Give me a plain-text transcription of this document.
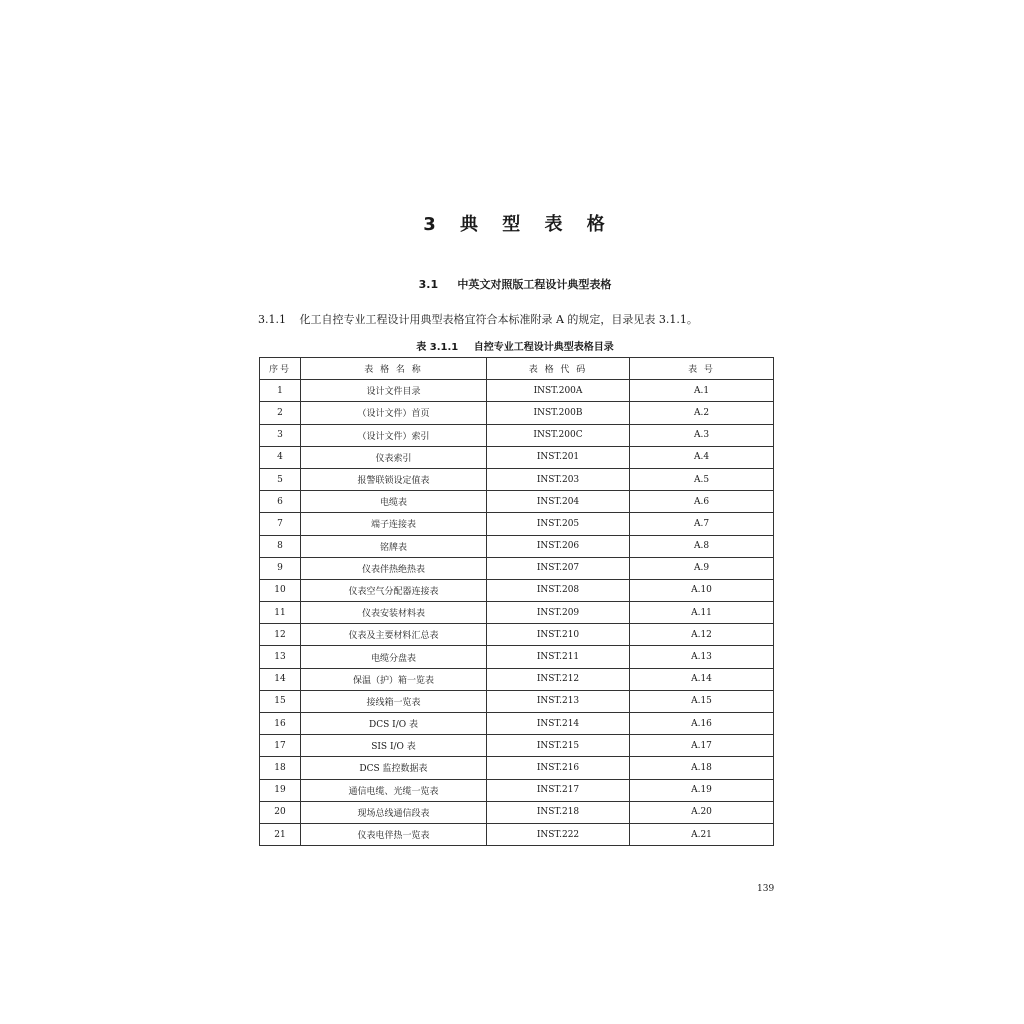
3 典 型 表 格
3.1 中英文对照版工程设计典型表格
3.1.1 化工自控专业工程设计用典型表格宜符合本标准附录 A 的规定，目录见表 3.1.1。
表 3.1.1 自控专业工程设计典型表格目录
序号	表 格 名 称	表 格 代 码	表 号
1	设计文件目录	INST.200A	A.1
2	（设计文件）首页	INST.200B	A.2
3	（设计文件）索引	INST.200C	A.3
4	仪表索引	INST.201	A.4
5	报警联锁设定值表	INST.203	A.5
6	电缆表	INST.204	A.6
7	端子连接表	INST.205	A.7
8	铭牌表	INST.206	A.8
9	仪表伴热绝热表	INST.207	A.9
10	仪表空气分配器连接表	INST.208	A.10
11	仪表安装材料表	INST.209	A.11
12	仪表及主要材料汇总表	INST.210	A.12
13	电缆分盘表	INST.211	A.13
14	保温（护）箱一览表	INST.212	A.14
15	接线箱一览表	INST.213	A.15
16	DCS I/O 表	INST.214	A.16
17	SIS I/O 表	INST.215	A.17
18	DCS 监控数据表	INST.216	A.18
19	通信电缆、光缆一览表	INST.217	A.19
20	现场总线通信段表	INST.218	A.20
21	仪表电伴热一览表	INST.222	A.21
139
